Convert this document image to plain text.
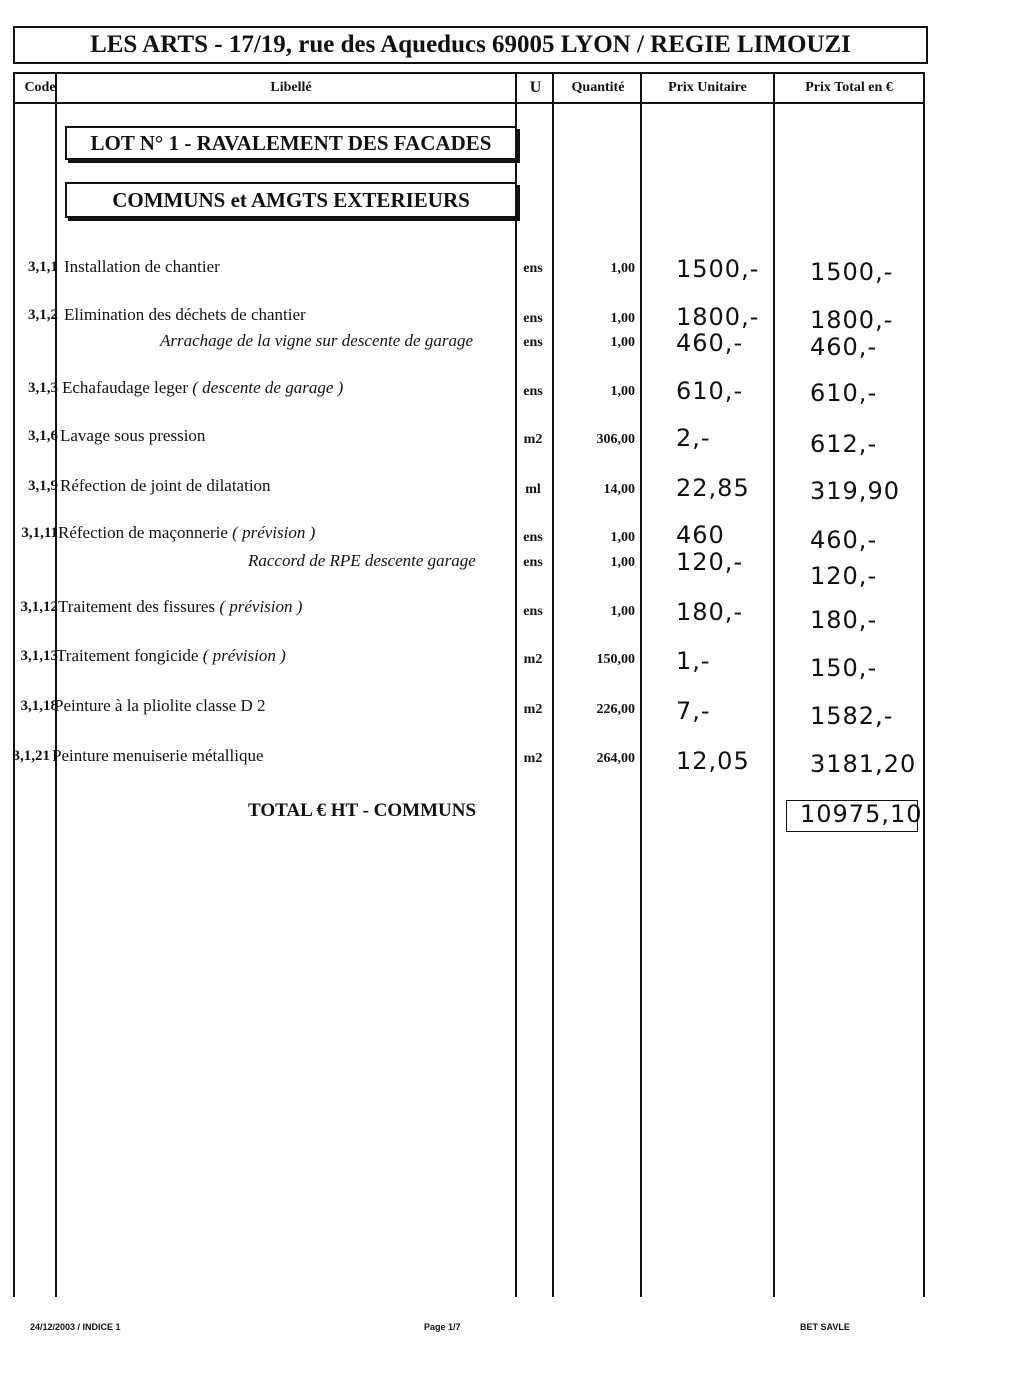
LES ARTS - 17/19, rue des Aqueducs 69005 LYON / REGIE LIMOUZI
Code	Libellé	U	Quantité	Prix Unitaire	Prix Total en €
LOT N° 1 - RAVALEMENT DES FACADES
COMMUNS et AMGTS EXTERIEURS
3,1,1 Installation de chantier	ens	1,00 1500,- 1500,-
3,1,2 Elimination des déchets de chantier	ens	1,00 1800,- 1800,-
Arrachage de la vigne sur descente de garage	ens	1,00 460,-	460,-
3,1,3 Echafaudage leger ( descente de garage )	ens	1,00 610,-	610,-
3,1,6 Lavage sous pression	m2	306,00 2,-	612,-
3,1,9 Réfection de joint de dilatation	ml	14,00 22,85	319,90
3,1,11 Réfection de maçonnerie ( prévision )	ens	1,00 460	460,-
Raccord de RPE descente garage	ens	1,00 120,-	120,-
3,1,12 Traitement des fissures ( prévision )	ens	1,00 180,-	180,-
3,1,13
Traitement fongicide ( prévision )	m2	150,00 1,-	150,-
3,1,18
Peinture à la pliolite classe D 2	m2	226,00 7,-	1582,-
3,1,21 Peinture menuiserie métallique	m2	264,00 12,05	3181,20
TOTAL € HT - COMMUNS	10975,10
24/12/2003 / INDICE 1	Page 1/7	BET SAVLE
